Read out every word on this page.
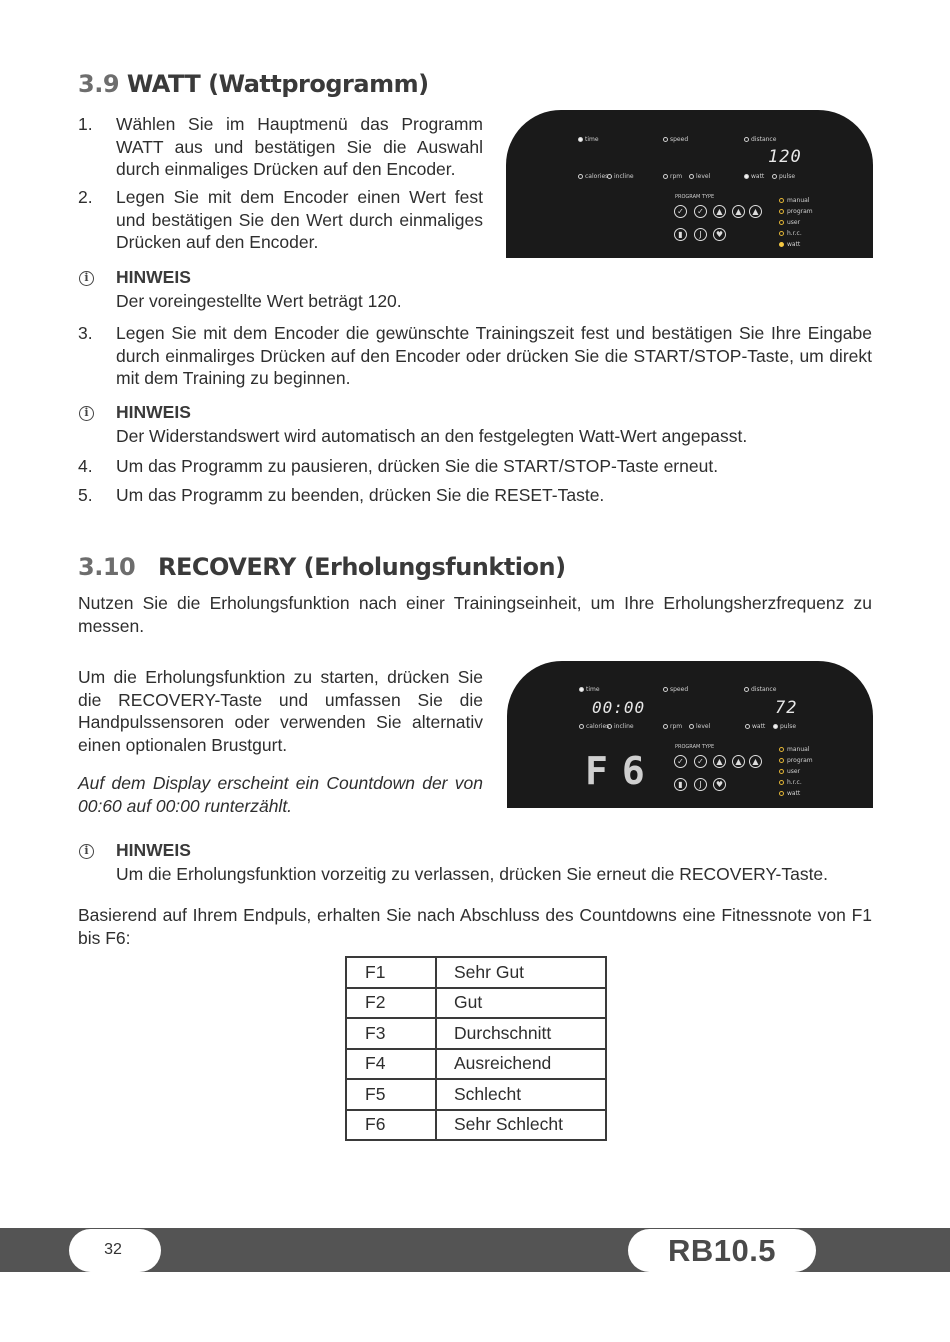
3.9 WATT (Wattprogramm)
1. Wählen Sie im Hauptmenü das Programm WATT aus und bestätigen Sie die Auswahl durch einmaliges Drücken auf den Encoder.
2. Legen Sie mit dem Encoder einen Wert fest und bestätigen Sie den Wert durch einmaliges Drücken auf den Encoder.
time	speed	distance
120
calories incline	rpm level	watt pulse
PROGRAM TYPE
✓	✓	▲	▲	▲
▮	J	♥
manual
program
user
h.r.c.
watt
i	HINWEIS
Der voreingestellte Wert beträgt 120.
3. Legen Sie mit dem Encoder die gewünschte Trainingszeit fest und bestätigen Sie Ihre Eingabe durch einmalirges Drücken auf den Encoder oder drücken Sie die START/STOP-Taste, um direkt mit dem Training zu beginnen.
i	HINWEIS
Der Widerstandswert wird automatisch an den festgelegten Watt-Wert angepasst.
4. Um das Programm zu pausieren, drücken Sie die START/STOP-Taste erneut.
5. Um das Programm zu beenden, drücken Sie die RESET-Taste.
3.10 RECOVERY (Erholungsfunktion)
Nutzen Sie die Erholungsfunktion nach einer Trainingseinheit, um Ihre Erholungsherzfrequenz zu messen.
Um die Erholungsfunktion zu starten, drücken Sie die RECOVERY-Taste und umfassen Sie die Handpulssensoren oder verwenden Sie alternativ einen optionalen Brustgurt.
Auf dem Display erscheint ein Countdown der von 00:60 auf 00:00 runterzählt.
time	speed	distance
00:00	72
calories incline	rpm level	watt pulse
F6
PROGRAM TYPE
✓	✓	▲	▲	▲
▮	J	♥
manual
program
user
h.r.c.
watt
i	HINWEIS
Um die Erholungsfunktion vorzeitig zu verlassen, drücken Sie erneut die RECOVERY-Taste.
Basierend auf Ihrem Endpuls, erhalten Sie nach Abschluss des Countdowns eine Fitnessnote von F1 bis F6:
F1	Sehr Gut
F2	Gut
F3	Durchschnitt
F4	Ausreichend
F5	Schlecht
F6	Sehr Schlecht
32	RB10.5
